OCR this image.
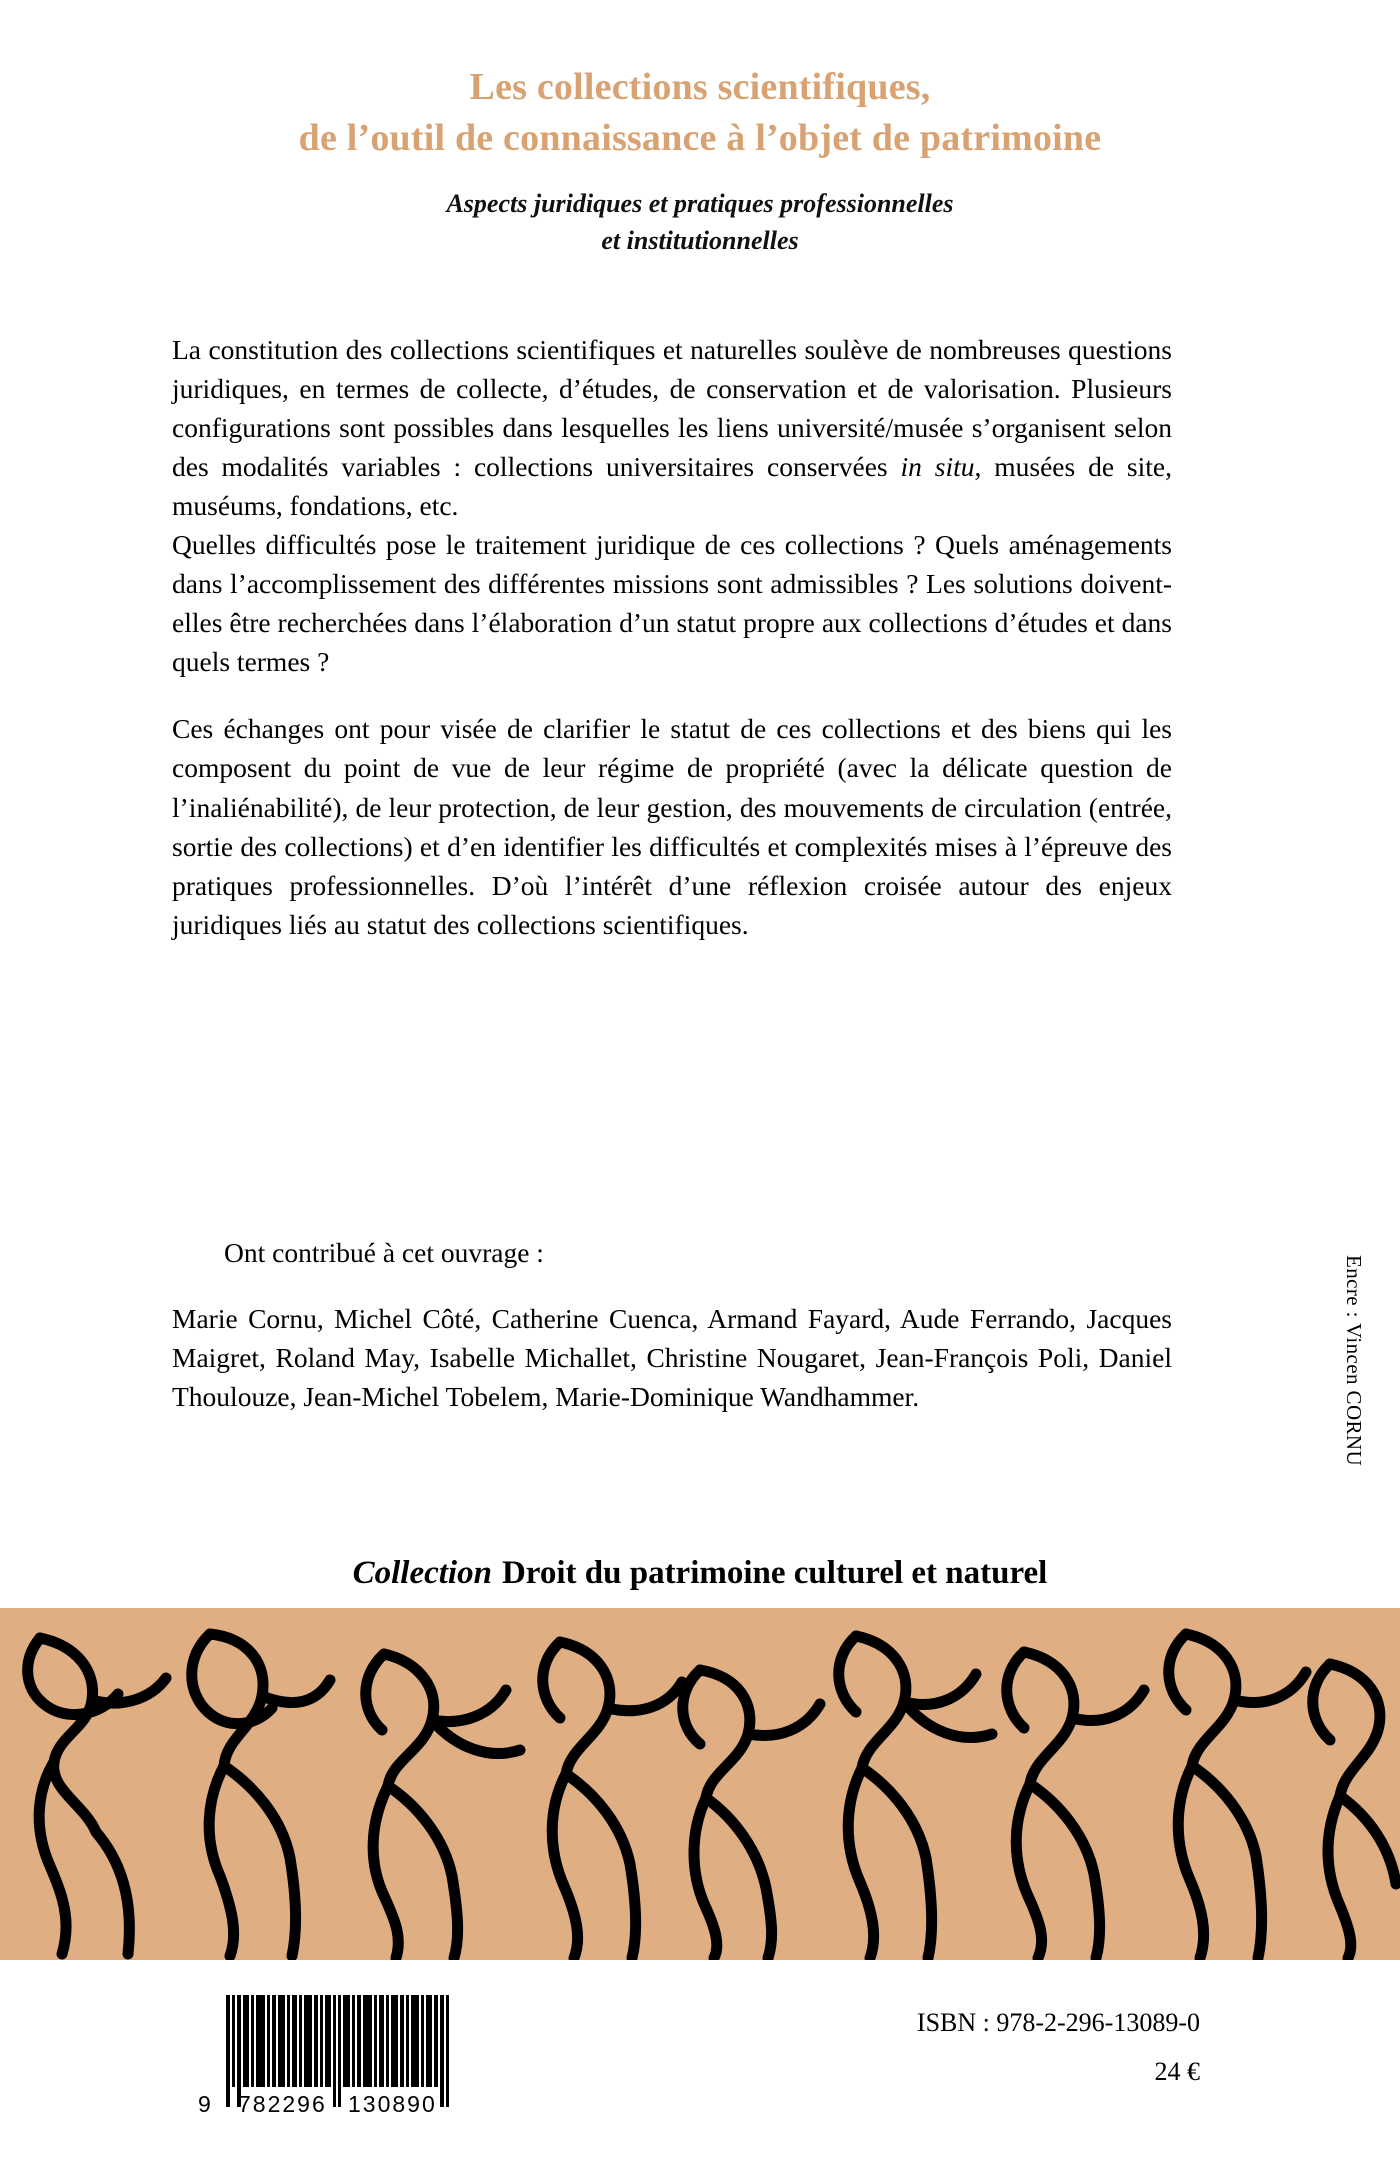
Les collections scientifiques,
de l’outil de connaissance à l’objet de patrimoine
Aspects juridiques et pratiques professionnelles
et institutionnelles

La constitution des collections scientifiques et naturelles soulève de nombreuses questions juridiques, en termes de collecte, d’études, de conservation et de valorisation. Plusieurs configurations sont possibles dans lesquelles les liens université/musée s’organisent selon des modalités variables : collections universitaires conservées in situ, musées de site, muséums, fondations, etc.

Quelles difficultés pose le traitement juridique de ces collections ? Quels aménagements dans l’accomplissement des différentes missions sont admissibles ? Les solutions doivent-elles être recherchées dans l’élaboration d’un statut propre aux collections d’études et dans quels termes ?

Ces échanges ont pour visée de clarifier le statut de ces collections et des biens qui les composent du point de vue de leur régime de propriété (avec la délicate question de l’inaliénabilité), de leur protection, de leur gestion, des mouvements de circulation (entrée, sortie des collections) et d’en identifier les difficultés et complexités mises à l’épreuve des pratiques professionnelles. D’où l’intérêt d’une réflexion croisée autour des enjeux juridiques liés au statut des collections scientifiques.

Ont contribué à cet ouvrage :

Marie Cornu, Michel Côté, Catherine Cuenca, Armand Fayard, Aude Ferrando, Jacques Maigret, Roland May, Isabelle Michallet, Christine Nougaret, Jean-François Poli, Daniel Thoulouze, Jean-Michel Tobelem, Marie-Dominique Wandhammer.	Encre : Vincen CORNU
Collection Droit du patrimoine culturel et naturel
9 782296 130890
ISBN : 978-2-296-13089-0
24 €
